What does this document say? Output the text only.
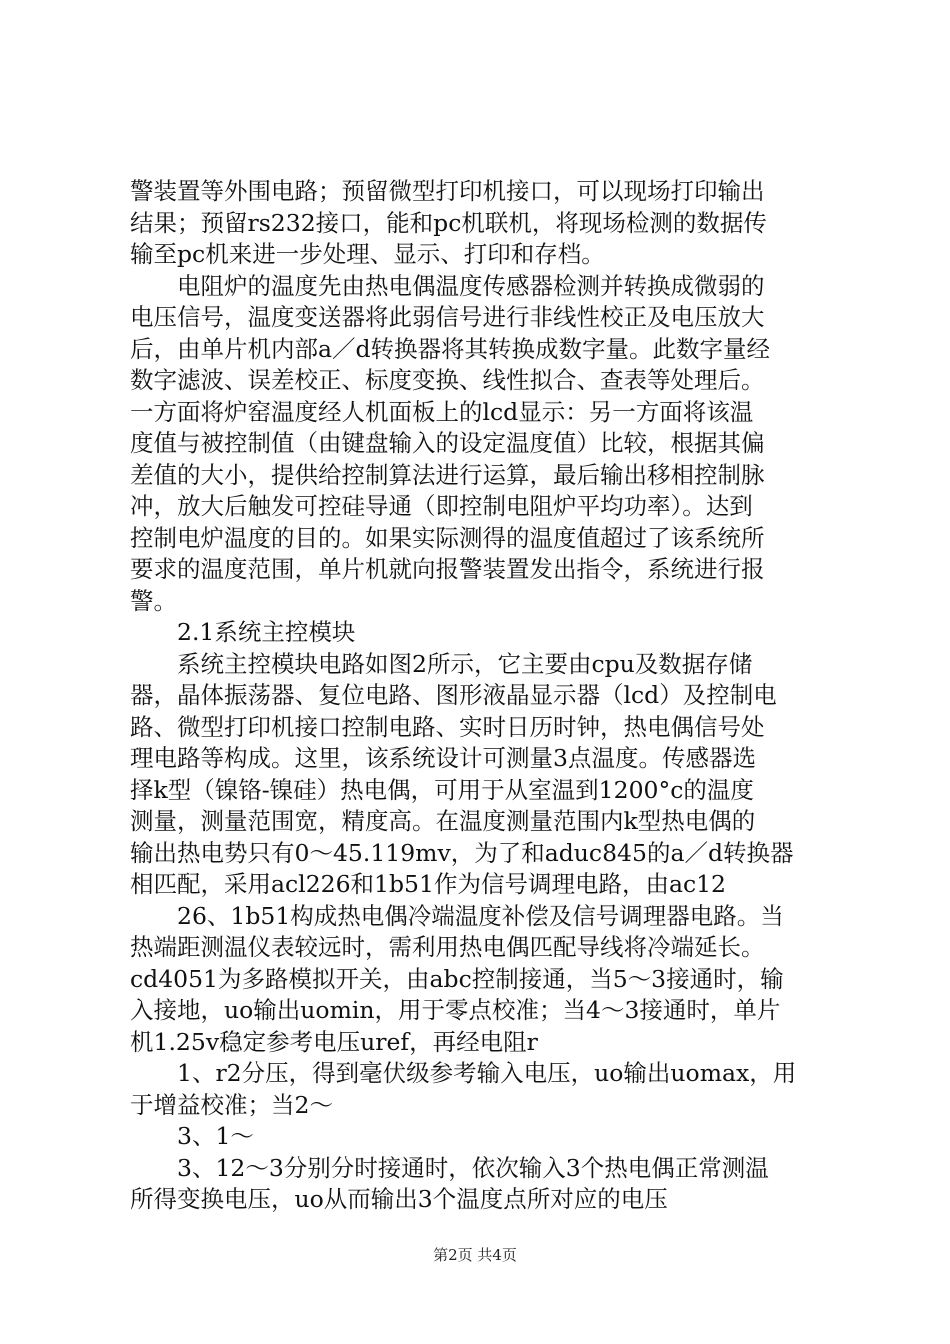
警装置等外围电路；预留微型打印机接口，可以现场打印输出
结果；预留rs232接口，能和pc机联机，将现场检测的数据传
输至pc机来进一步处理、显示、打印和存档。

　　电阻炉的温度先由热电偶温度传感器检测并转换成微弱的
电压信号，温度变送器将此弱信号进行非线性校正及电压放大
后，由单片机内部a／d转换器将其转换成数字量。此数字量经
数字滤波、误差校正、标度变换、线性拟合、查表等处理后。
一方面将炉窑温度经人机面板上的lcd显示：另一方面将该温
度值与被控制值（由键盘输入的设定温度值）比较，根据其偏
差值的大小，提供给控制算法进行运算，最后输出移相控制脉
冲，放大后触发可控硅导通（即控制电阻炉平均功率）。达到
控制电炉温度的目的。如果实际测得的温度值超过了该系统所
要求的温度范围，单片机就向报警装置发出指令，系统进行报
警。

　　2.1系统主控模块

　　系统主控模块电路如图2所示，它主要由cpu及数据存储
器，晶体振荡器、复位电路、图形液晶显示器（lcd）及控制电
路、微型打印机接口控制电路、实时日历时钟，热电偶信号处
理电路等构成。这里，该系统设计可测量3点温度。传感器选
择k型（镍铬-镍硅）热电偶，可用于从室温到1200°c的温度
测量，测量范围宽，精度高。在温度测量范围内k型热电偶的
输出热电势只有0～45.119mv，为了和aduc845的a／d转换器
相匹配，采用acl226和1b51作为信号调理电路，由ac12

　　26、1b51构成热电偶冷端温度补偿及信号调理器电路。当
热端距测温仪表较远时，需利用热电偶匹配导线将冷端延长。
cd4051为多路模拟开关，由abc控制接通，当5～3接通时，输
入接地，uo输出uomin，用于零点校准；当4～3接通时，单片
机1.25v稳定参考电压uref，再经电阻r

　　1、r2分压，得到毫伏级参考输入电压，uo输出uomax，用
于增益校准；当2～

　　3、1～

　　3、12～3分别分时接通时，依次输入3个热电偶正常测温
所得变换电压，uo从而输出3个温度点所对应的电压

第2页 共4页
